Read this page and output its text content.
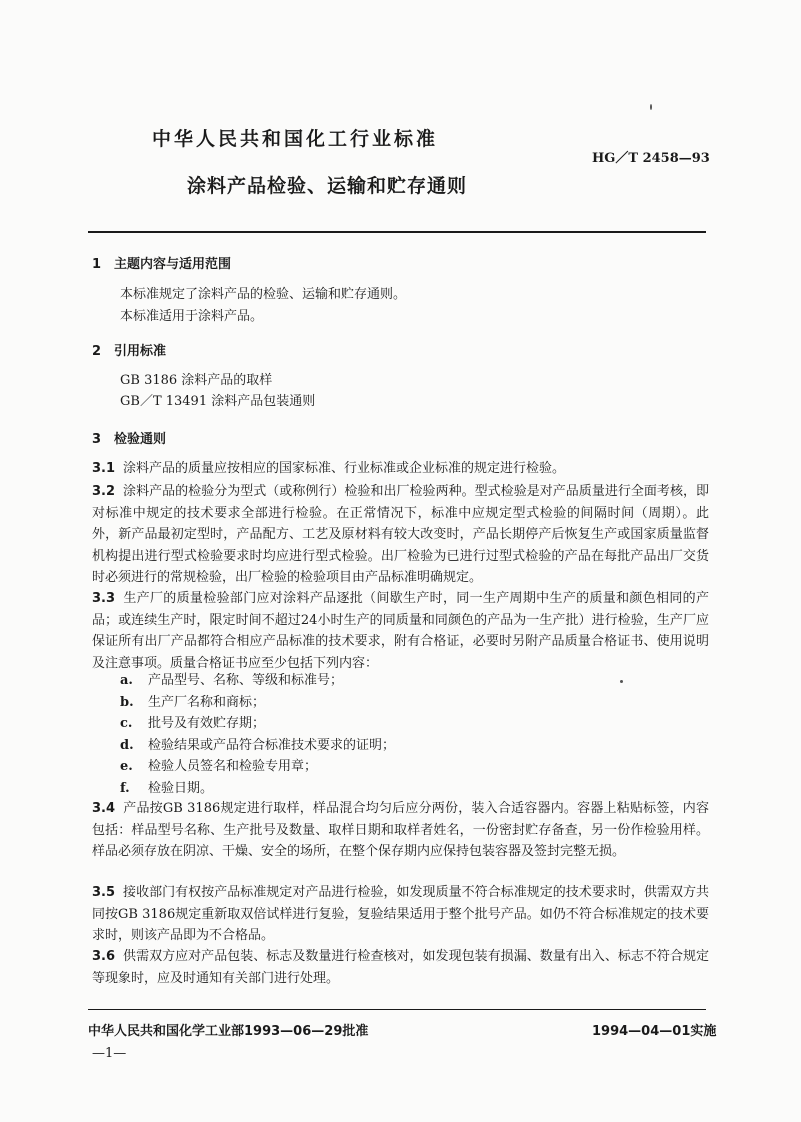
中华人民共和国化工行业标准
HG／T 2458—93
涂料产品检验、运输和贮存通则
1 主题内容与适用范围
本标准规定了涂料产品的检验、运输和贮存通则。
本标准适用于涂料产品。
2 引用标准
GB 3186 涂料产品的取样
GB／T 13491 涂料产品包装通则
3 检验通则
3.1 涂料产品的质量应按相应的国家标准、行业标准或企业标准的规定进行检验。
3.2 涂料产品的检验分为型式（或称例行）检验和出厂检验两种。型式检验是对产品质量进行全面考核，即对标准中规定的技术要求全部进行检验。在正常情况下，标准中应规定型式检验的间隔时间（周期）。此外，新产品最初定型时，产品配方、工艺及原材料有较大改变时，产品长期停产后恢复生产或国家质量监督机构提出进行型式检验要求时均应进行型式检验。出厂检验为已进行过型式检验的产品在每批产品出厂交货时必须进行的常规检验，出厂检验的检验项目由产品标准明确规定。
3.3 生产厂的质量检验部门应对涂料产品逐批（间歇生产时，同一生产周期中生产的质量和颜色相同的产品；或连续生产时，限定时间不超过24小时生产的同质量和同颜色的产品为一生产批）进行检验，生产厂应保证所有出厂产品都符合相应产品标准的技术要求，附有合格证，必要时另附产品质量合格证书、使用说明及注意事项。质量合格证书应至少包括下列内容：
a. 产品型号、名称、等级和标准号；
b. 生产厂名称和商标；
c. 批号及有效贮存期；
d. 检验结果或产品符合标准技术要求的证明；
e. 检验人员签名和检验专用章；
f. 检验日期。
3.4 产品按GB 3186规定进行取样，样品混合均匀后应分两份，装入合适容器内。容器上粘贴标签，内容包括：样品型号名称、生产批号及数量、取样日期和取样者姓名，一份密封贮存备查，另一份作检验用样。样品必须存放在阴凉、干燥、安全的场所，在整个保存期内应保持包装容器及签封完整无损。
3.5 接收部门有权按产品标准规定对产品进行检验，如发现质量不符合标准规定的技术要求时，供需双方共同按GB 3186规定重新取双倍试样进行复验，复验结果适用于整个批号产品。如仍不符合标准规定的技术要求时，则该产品即为不合格品。
3.6 供需双方应对产品包装、标志及数量进行检查核对，如发现包装有损漏、数量有出入、标志不符合规定等现象时，应及时通知有关部门进行处理。
中华人民共和国化学工业部1993—06—29批准	1994—04—01实施
—1—
